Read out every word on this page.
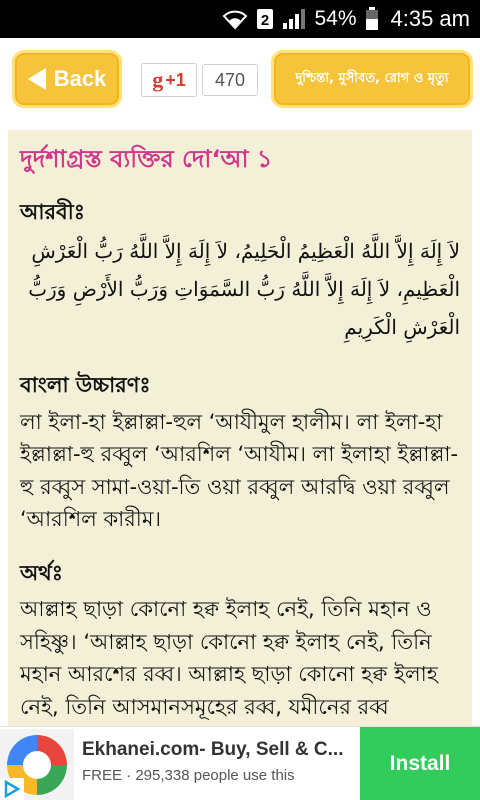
2 54% 4:35 am
Back g +1	470	দুশ্চিন্তা, মুসীবত, রোগ ও মৃত্যু
দুর্দশাগ্রস্ত ব্যক্তির দো‘আ ১
আরবীঃ
لاَ إِلَهَ إِلاَّ اللَّهُ الْعَظِيمُ الْحَلِيمُ، لاَ إِلَهَ إِلاَّ اللَّهُ رَبُّ الْعَرْشِ الْعَظِيمِ، لاَ إِلَهَ إِلاَّ اللَّهُ رَبُّ السَّمَوَاتِ وَرَبُّ الأَرْضِ وَرَبُّ الْعَرْشِ الْكَرِيمِ
বাংলা উচ্চারণঃ
লা ইলা-হা ইল্লাল্লা-হুল ‘আযীমুল হালীম। লা ইলা-হা ইল্লাল্লা-হু রব্বুল ‘আরশিল ‘আযীম। লা ইলাহা ইল্লাল্লা-হু রব্বুস সামা-ওয়া-তি ওয়া রব্বুল আরদ্বি ওয়া রব্বুল ‘আরশিল কারীম।
অর্থঃ
আল্লাহ ছাড়া কোনো হক্ব ইলাহ নেই, তিনি মহান ও সহিষ্ণু। ‘আল্লাহ ছাড়া কোনো হক্ব ইলাহ নেই, তিনি মহান আরশের রব্ব। আল্লাহ ছাড়া কোনো হক্ব ইলাহ নেই, তিনি আসমানসমূহের রব্ব, যমীনের রব্ব
Ekhanei.com- Buy, Sell & C...
FREE · 295,338 people use this
Install
